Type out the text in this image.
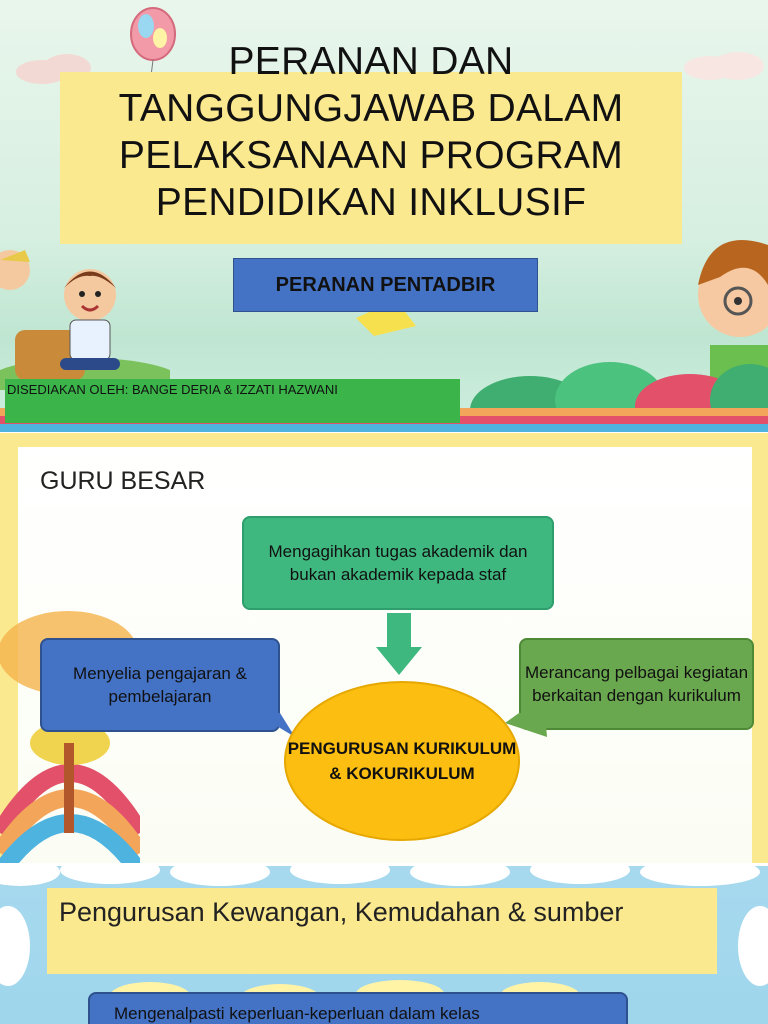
PERANAN DAN TANGGUNGJAWAB DALAM PELAKSANAAN PROGRAM PENDIDIKAN INKLUSIF
PERANAN PENTADBIR
DISEDIAKAN OLEH: BANGE DERIA & IZZATI HAZWANI
GURU BESAR
Mengagihkan tugas akademik dan bukan akademik kepada staf
Menyelia pengajaran & pembelajaran
Merancang pelbagai kegiatan berkaitan dengan kurikulum
PENGURUSAN KURIKULUM & KOKURIKULUM
Pengurusan Kewangan, Kemudahan & sumber
Mengenalpasti keperluan-keperluan dalam kelas
